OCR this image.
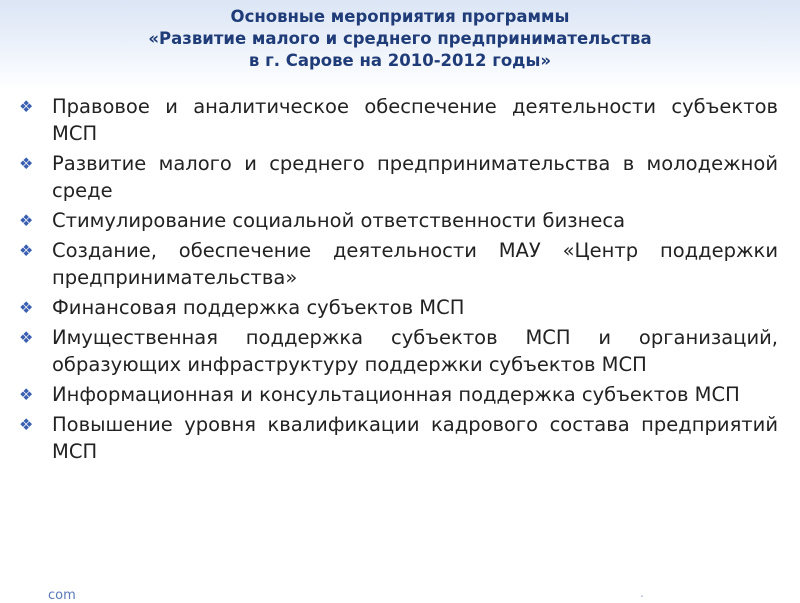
Основные мероприятия программы
«Развитие малого и среднего предпринимательства
в г. Сарове на 2010-2012 годы»
❖ Правовое и аналитическое обеспечение деятельности субъектов МСП
❖ Развитие малого и среднего предпринимательства в молодежной среде
❖ Стимулирование социальной ответственности бизнеса
❖ Создание, обеспечение деятельности МАУ «Центр поддержки предпринимательства»
❖ Финансовая поддержка субъектов МСП
❖ Имущественная поддержка субъектов МСП и организаций, образующих инфраструктуру поддержки субъектов МСП
❖ Информационная и консультационная поддержка субъектов МСП
❖ Повышение уровня квалификации кадрового состава предприятий МСП
com	.
